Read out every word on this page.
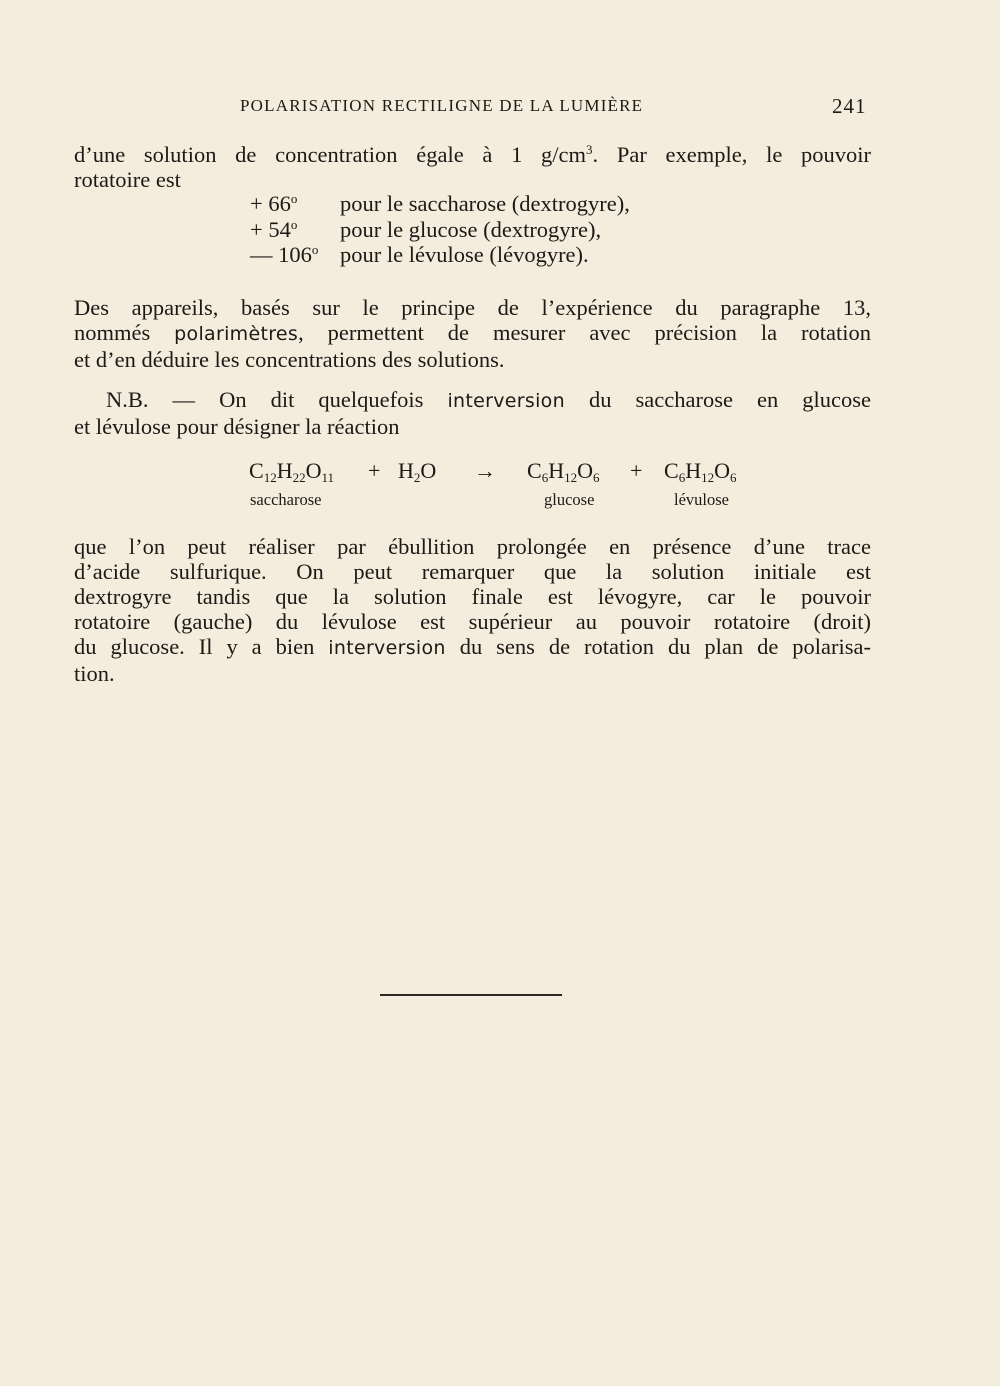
POLARISATION RECTILIGNE DE LA LUMIÈRE	241
d’une solution de concentration égale à 1 $g/cm^3$. Par exemple, le pouvoir
rotatoire est
+ $66^o$ pour le saccharose (dextrogyre),
+ $54^o$ pour le glucose (dextrogyre),
— 106$^o$ pour le lévulose (lévogyre).
Des appareils, basés sur le principe de l’expérience du paragraphe 13,
nommés polarimètres, permettent de mesurer avec précision la rotation
et d’en déduire les concentrations des solutions.
N.B. — On dit quelquefois interversion du saccharose en glucose
et lévulose pour désigner la réaction
$C_{12}H_{22}O_{11} + H_2O \to C_6H_{12}O_6 + C_6H_{12}O_6$
saccharose	glucose	lévulose
que l’on peut réaliser par ébullition prolongée en présence d’une trace
d’acide sulfurique. On peut remarquer que la solution initiale est
dextrogyre tandis que la solution finale est lévogyre, car le pouvoir
rotatoire (gauche) du lévulose est supérieur au pouvoir rotatoire (droit)
du glucose. Il y a bien interversion du sens de rotation du plan de polarisa-
tion.
